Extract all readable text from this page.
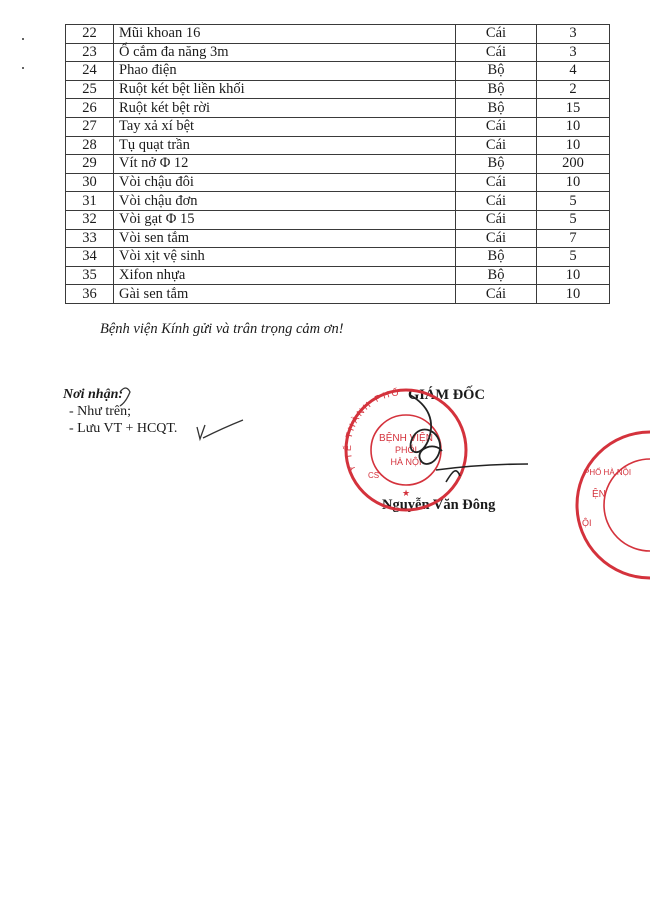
22	Mũi khoan 16	Cái	3
23	Ổ cắm đa năng 3m	Cái	3
24	Phao điện	Bộ	4
25	Ruột két bệt liền khối	Bộ	2
26	Ruột két bệt rời	Bộ	15
27	Tay xả xí bệt	Cái	10
28	Tụ quạt trần	Cái	10
29	Vít nở Φ 12	Bộ	200
30	Vòi chậu đôi	Cái	10
31	Vòi chậu đơn	Cái	5
32	Vòi gạt Φ 15	Cái	5
33	Vòi sen tắm	Cái	7
34	Vòi xịt vệ sinh	Bộ	5
35	Xifon nhựa	Bộ	10
36	Gài sen tắm	Cái	10
Bệnh viện Kính gửi và trân trọng cảm ơn!
Nơi nhận:
- Như trên;
- Lưu VT + HCQT.
GIÁM ĐỐC
Nguyễn Văn Đông
Y TẾ THÀNH PHỐ
BỆNH VIỆN
PHỔI
HÀ NỘI
CS
★
PHỐ HÀ NỘI
ỆN
ỘI
